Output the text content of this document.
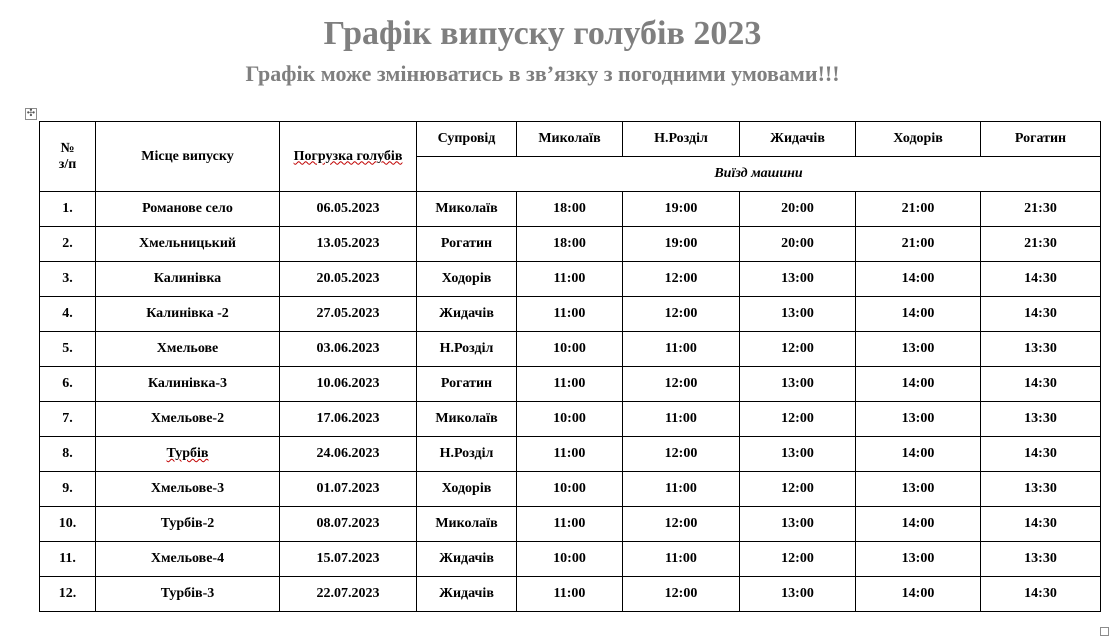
Графік випуску голубів 2023
Графік може змінюватись в зв’язку з погодними умовами!!!
✣
№
з/п	Місце випуску	Погрузка голубів	Супровід	Миколаїв	Н.Розділ	Жидачів	Ходорів	Рогатин
			Виїзд машини					
1.	Романове село	06.05.2023	Миколаїв	18:00	19:00	20:00	21:00	21:30
2.	Хмельницький	13.05.2023	Рогатин	18:00	19:00	20:00	21:00	21:30
3.	Калинівка	20.05.2023	Ходорів	11:00	12:00	13:00	14:00	14:30
4.	Калинівка -2	27.05.2023	Жидачів	11:00	12:00	13:00	14:00	14:30
5.	Хмельове	03.06.2023	Н.Розділ	10:00	11:00	12:00	13:00	13:30
6.	Калинівка-3	10.06.2023	Рогатин	11:00	12:00	13:00	14:00	14:30
7.	Хмельове-2	17.06.2023	Миколаїв	10:00	11:00	12:00	13:00	13:30
8.	Турбів	24.06.2023	Н.Розділ	11:00	12:00	13:00	14:00	14:30
9.	Хмельове-3	01.07.2023	Ходорів	10:00	11:00	12:00	13:00	13:30
10.	Турбів-2	08.07.2023	Миколаїв	11:00	12:00	13:00	14:00	14:30
11.	Хмельове-4	15.07.2023	Жидачів	10:00	11:00	12:00	13:00	13:30
12.	Турбів-3	22.07.2023	Жидачів	11:00	12:00	13:00	14:00	14:30
